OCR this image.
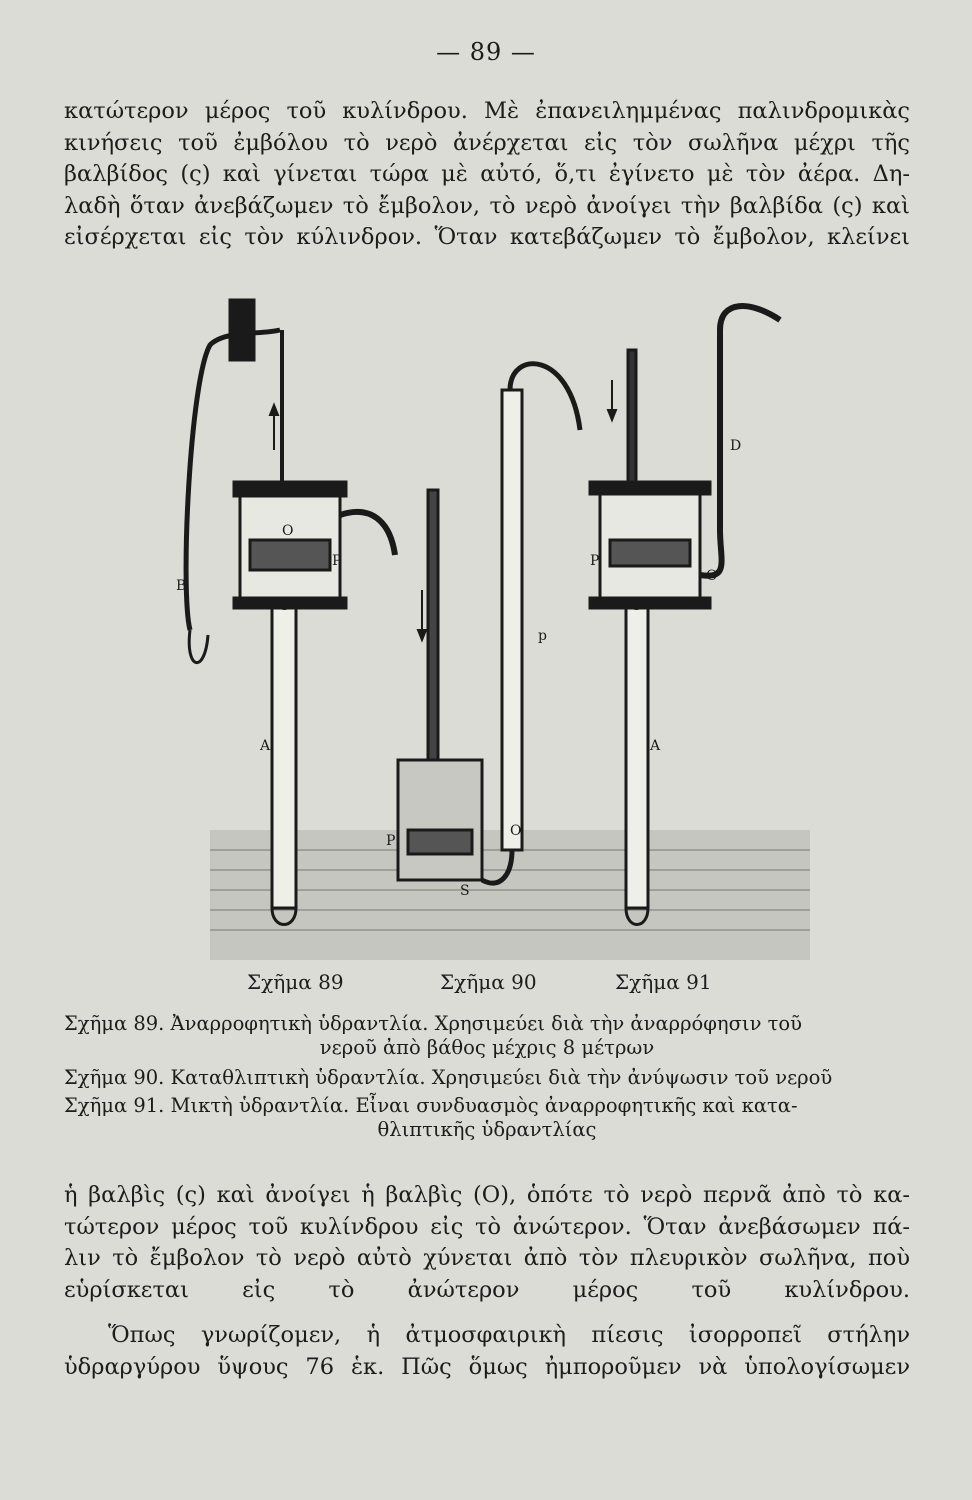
— 89 —
κατώτερον μέρος τοῦ κυλίνδρου. Μὲ ἐπανειλημμένας παλινδρομικὰς κινήσεις τοῦ ἐμβόλου τὸ νερὸ ἀνέρχεται εἰς τὸν σωλῆνα μέχρι τῆς βαλβίδος (ς) καὶ γίνεται τώρα μὲ αὐτό, ὅ,τι ἐγίνετο μὲ τὸν ἀέρα. Δη- λαδὴ ὅταν ἀνεβάζωμεν τὸ ἔμβολον, τὸ νερὸ ἀνοίγει τὴν βαλβίδα (ς) καὶ εἰσέρχεται εἰς τὸν κύλινδρον. Ὅταν κατεβάζωμεν τὸ ἔμβολον, κλείνει
B
O
P
S
A
P
O
S
p
P
S
O
A
D
Σχῆμα 89	Σχῆμα 90	Σχῆμα 91
Σχῆμα 89. Ἀναρροφητικὴ ὑδραντλία. Χρησιμεύει διὰ τὴν ἀναρρόφησιν τοῦ
νεροῦ ἀπὸ βάθος μέχρις 8 μέτρων
Σχῆμα 90. Καταθλιπτικὴ ὑδραντλία. Χρησιμεύει διὰ τὴν ἀνύψωσιν τοῦ νεροῦ
Σχῆμα 91. Μικτὴ ὑδραντλία. Εἶναι συνδυασμὸς ἀναρροφητικῆς καὶ κατα-
θλιπτικῆς ὑδραντλίας
ἡ βαλβὶς (ς) καὶ ἀνοίγει ἡ βαλβὶς (Ο), ὁπότε τὸ νερὸ περνᾶ ἀπὸ τὸ κα- τώτερον μέρος τοῦ κυλίνδρου εἰς τὸ ἀνώτερον. Ὅταν ἀνεβάσωμεν πά- λιν τὸ ἔμβολον τὸ νερὸ αὐτὸ χύνεται ἀπὸ τὸν πλευρικὸν σωλῆνα, ποὺ εὑρίσκεται εἰς τὸ ἀνώτερον μέρος τοῦ κυλίνδρου.
Ὅπως γνωρίζομεν, ἡ ἀτμοσφαιρικὴ πίεσις ἰσορροπεῖ στήλην ὑδραργύρου ὕψους 76 ἑκ. Πῶς ὅμως ἠμποροῦμεν νὰ ὑπολογίσωμεν
